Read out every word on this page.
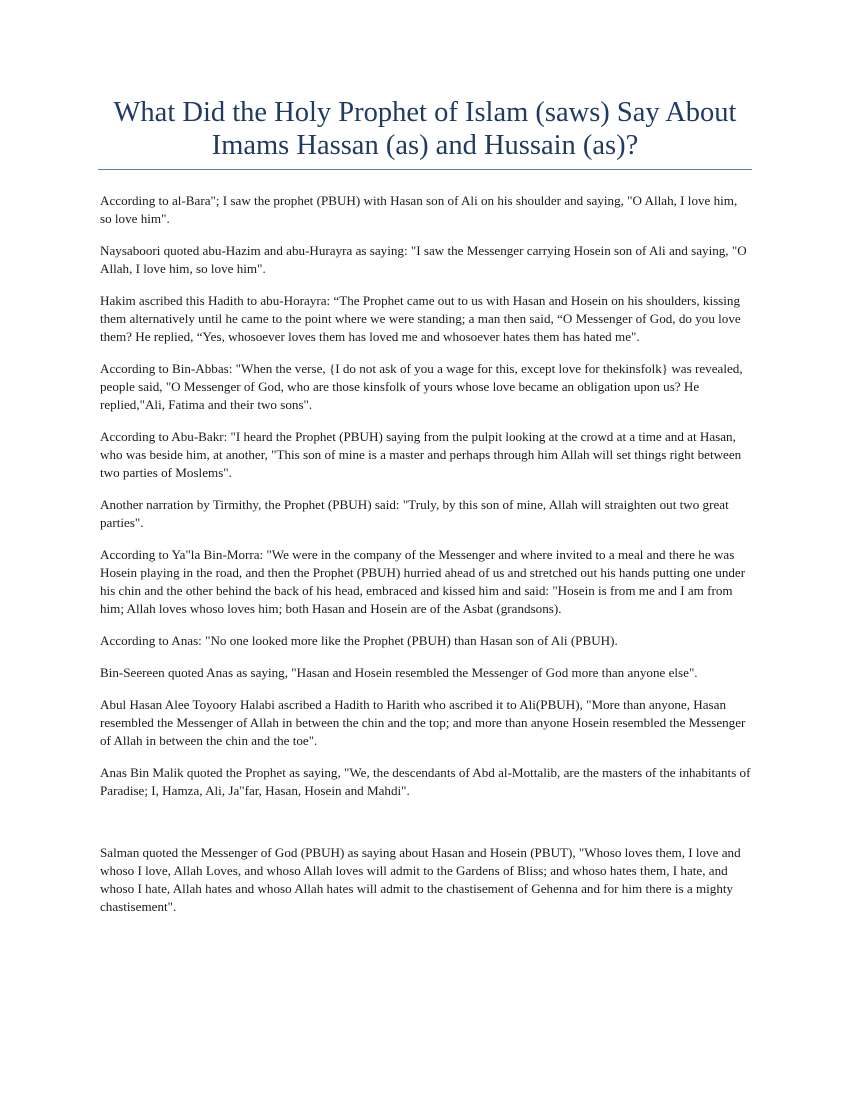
What Did the Holy Prophet of Islam (saws) Say About Imams Hassan (as) and Hussain (as)?

According to al-Bara"; I saw the prophet (PBUH) with Hasan son of Ali on his shoulder and saying, "O Allah, I love him, so love him".

Naysaboori quoted abu-Hazim and abu-Hurayra as saying: "I saw the Messenger carrying Hosein son of Ali and saying, "O Allah, I love him, so love him".

Hakim ascribed this Hadith to abu-Horayra: “The Prophet came out to us with Hasan and Hosein on his shoulders, kissing them alternatively until he came to the point where we were standing; a man then said, “O Messenger of God, do you love them? He replied, “Yes, whosoever loves them has loved me and whosoever hates them has hated me".

According to Bin-Abbas: "When the verse, {I do not ask of you a wage for this, except love for thekinsfolk} was revealed, people said, "O Messenger of God, who are those kinsfolk of yours whose love became an obligation upon us? He replied,"Ali, Fatima and their two sons".

According to Abu-Bakr: "I heard the Prophet (PBUH) saying from the pulpit looking at the crowd at a time and at Hasan, who was beside him, at another, "This son of mine is a master and perhaps through him Allah will set things right between two parties of Moslems".

Another narration by Tirmithy, the Prophet (PBUH) said: "Truly, by this son of mine, Allah will straighten out two great parties".

According to Ya"la Bin-Morra: "We were in the company of the Messenger and where invited to a meal and there he was Hosein playing in the road, and then the Prophet (PBUH) hurried ahead of us and stretched out his hands putting one under his chin and the other behind the back of his head, embraced and kissed him and said: "Hosein is from me and I am from him; Allah loves whoso loves him; both Hasan and Hosein are of the Asbat (grandsons).

According to Anas: "No one looked more like the Prophet (PBUH) than Hasan son of Ali (PBUH).

Bin-Seereen quoted Anas as saying, "Hasan and Hosein resembled the Messenger of God more than anyone else".

Abul Hasan Alee Toyoory Halabi ascribed a Hadith to Harith who ascribed it to Ali(PBUH), "More than anyone, Hasan resembled the Messenger of Allah in between the chin and the top; and more than anyone Hosein resembled the Messenger of Allah in between the chin and the toe".

Anas Bin Malik quoted the Prophet as saying, "We, the descendants of Abd al-Mottalib, are the masters of the inhabitants of Paradise; I, Hamza, Ali, Ja"far, Hasan, Hosein and Mahdi".

Salman quoted the Messenger of God (PBUH) as saying about Hasan and Hosein (PBUT), "Whoso loves them, I love and whoso I love, Allah Loves, and whoso Allah loves will admit to the Gardens of Bliss; and whoso hates them, I hate, and whoso I hate, Allah hates and whoso Allah hates will admit to the chastisement of Gehenna and for him there is a mighty chastisement".
